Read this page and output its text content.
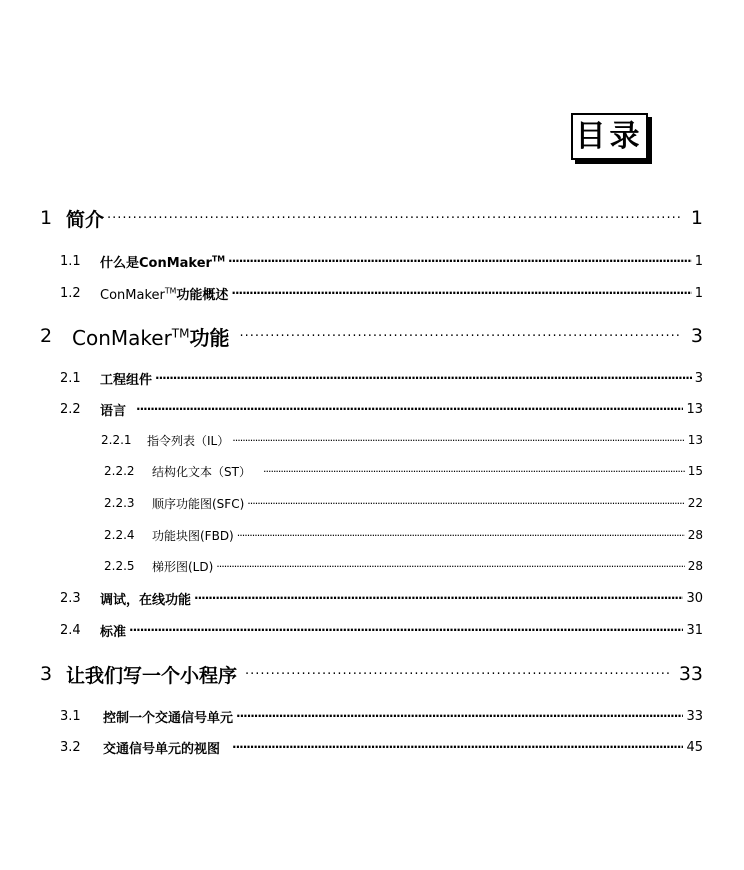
目录
1 简介 ·····	1
1.1	什么是ConMaker™ ·····	1
1.2	ConMaker™功能概述 ·····	1
2 ConMaker™功能 ·····	3
2.1	工程组件 ·····	3
2.2	语言 ·····	13
2.2.1	指令列表（IL） ·····	13
2.2.2	结构化文本（ST） ·····	15
2.2.3	顺序功能图(SFC) ·····	22
2.2.4	功能块图(FBD) ·····	28
2.2.5	梯形图(LD) ·····	28
2.3	调试，在线功能 ·····	30
2.4	标准 ·····	31
3 让我们写一个小程序 ·····	33
3.1	控制一个交通信号单元 ·····	33
3.2	交通信号单元的视图 ·····	45
